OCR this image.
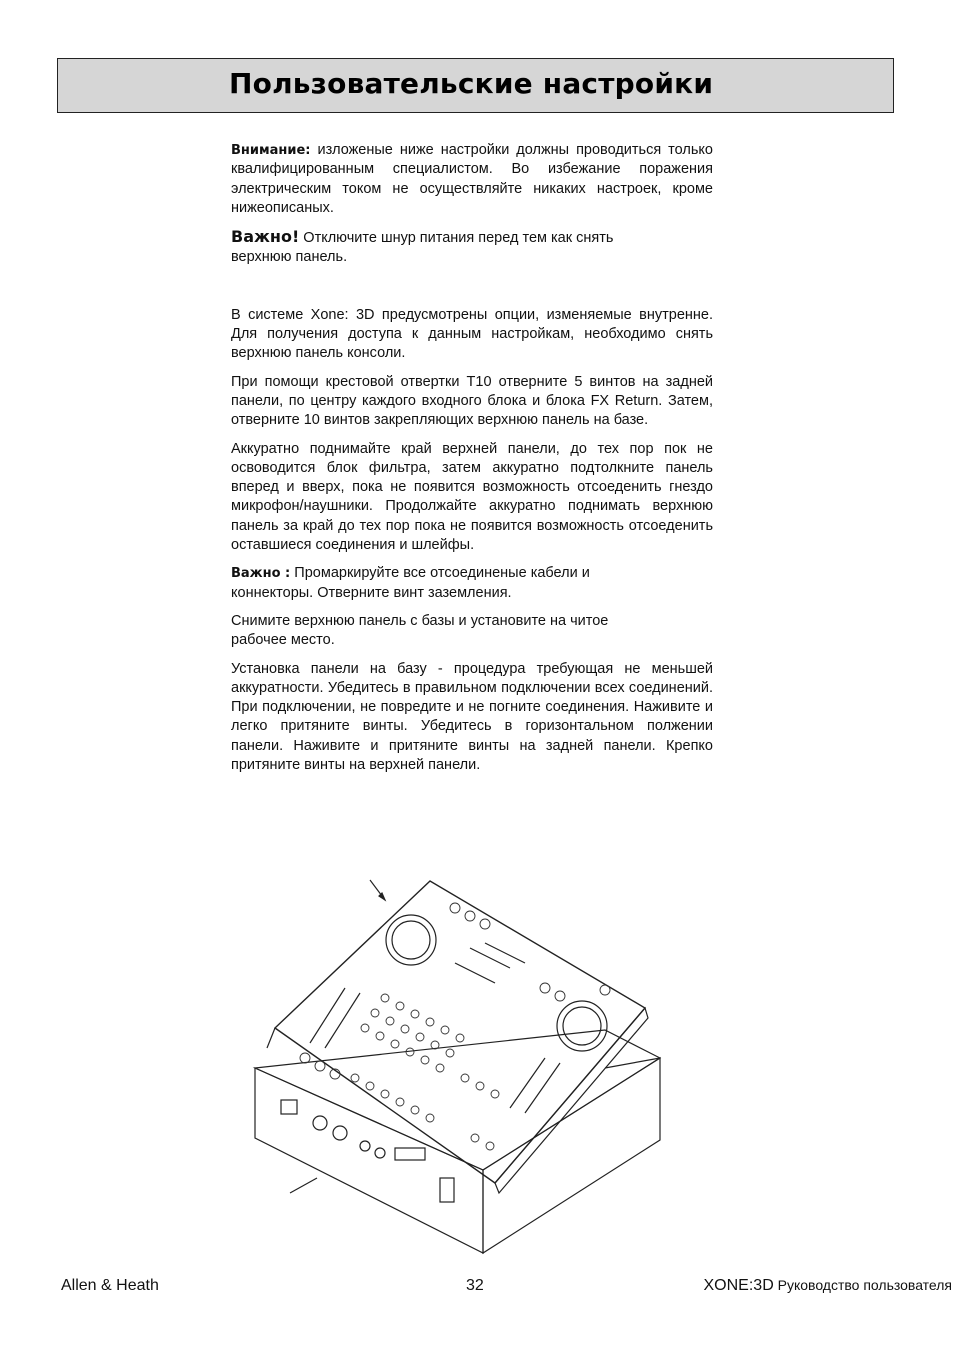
Пользовательские настройки

Внимание: изложеные ниже настройки должны проводиться только квалифицированным специалистом. Во избежание поражения электрическим током не осуществляйте никаких настроек, кроме нижеописаных.

Важно! Отключите шнур питания перед тем как снять верхнюю панель.

В системе Xone: 3D предусмотрены опции, изменяемые внутренне. Для получения доступа к данным настройкам, необходимо снять верхнюю панель консоли.

При помощи крестовой отвертки Т10 отверните 5 винтов на задней панели, по центру каждого входного блока и блока FX Return. Затем, отверните 10 винтов закрепляющих верхнюю панель на базе.

Аккуратно поднимайте край верхней панели, до тех пор пок не освоводится блок фильтра, затем аккуратно подтолкните панель вперед и вверх, пока не появится возможность отсоеденить гнездо микрофон/наушники. Продолжайте аккуратно поднимать верхнюю панель за край до тех пор пока не появится возможность отсоеденить оставшиеся соединения и шлейфы.

Важно : Промаркируйте все отсоединеные кабели и коннекторы. Отверните винт заземления.

Снимите верхнюю панель с базы и установите на читое рабочее место.

Установка панели на базу - процедура требующая не меньшей аккуратности. Убедитесь в правильном подключении всех соединений. При подключении, не повредите и не погните соединения. Наживите и легко притяните винты. Убедитесь в горизонтальном полжении панели. Наживите и притяните винты на задней панели. Крепко притяните винты на верхней панели.

Allen & Heath	32	XONE:3D Руководство пользователя
